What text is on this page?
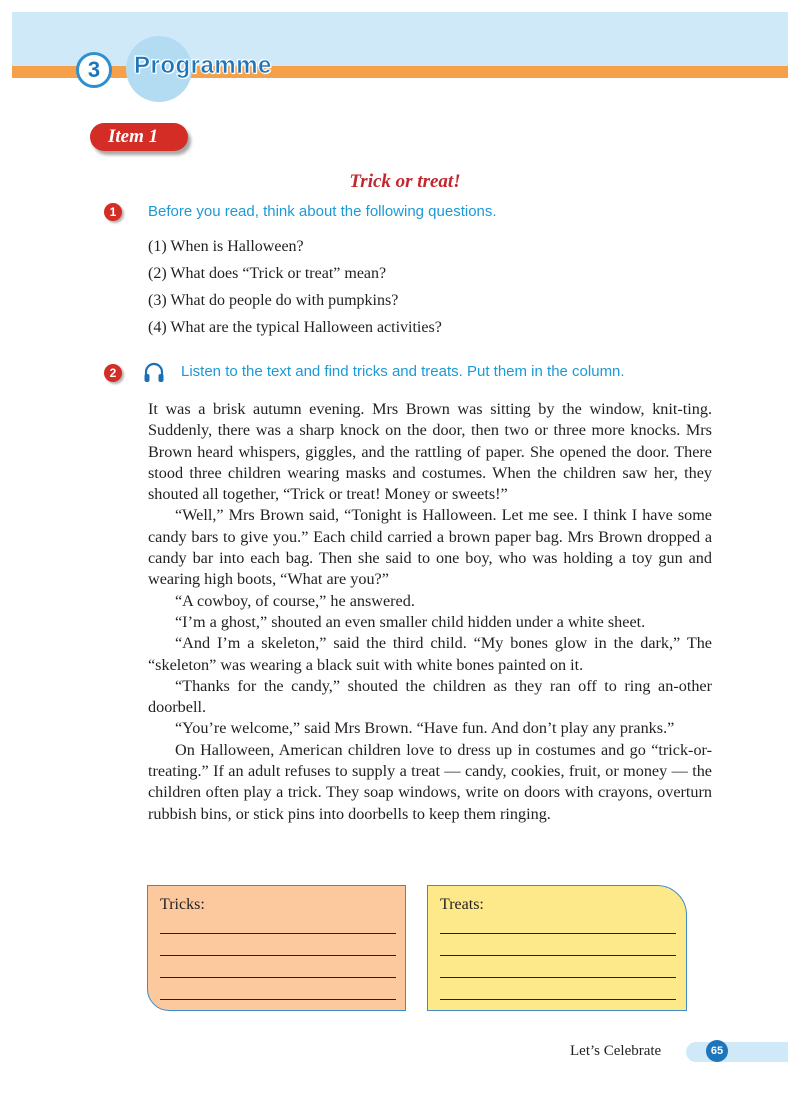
3	Programme
Item 1
Trick or treat!
1	Before you read, think about the following questions.
(1) When is Halloween?
(2) What does “Trick or treat” mean?
(3) What do people do with pumpkins?
(4) What are the typical Halloween activities?
2	Listen to the text and find tricks and treats. Put them in the column.

It was a brisk autumn evening. Mrs Brown was sitting by the window, knit-ting. Suddenly, there was a sharp knock on the door, then two or three more knocks. Mrs Brown heard whispers, giggles, and the rattling of paper. She opened the door. There stood three children wearing masks and costumes. When the children saw her, they shouted all together, “Trick or treat! Money or sweets!”

“Well,” Mrs Brown said, “Tonight is Halloween. Let me see. I think I have some candy bars to give you.” Each child carried a brown paper bag. Mrs Brown dropped a candy bar into each bag. Then she said to one boy, who was holding a toy gun and wearing high boots, “What are you?”

“A cowboy, of course,” he answered.

“I’m a ghost,” shouted an even smaller child hidden under a white sheet.

“And I’m a skeleton,” said the third child. “My bones glow in the dark,” The “skeleton” was wearing a black suit with white bones painted on it.

“Thanks for the candy,” shouted the children as they ran off to ring an-other doorbell.

“You’re welcome,” said Mrs Brown. “Have fun. And don’t play any pranks.”

On Halloween, American children love to dress up in costumes and go “trick-or-treating.” If an adult refuses to supply a treat — candy, cookies, fruit, or money — the children often play a trick. They soap windows, write on doors with crayons, overturn rubbish bins, or stick pins into doorbells to keep them ringing.

Tricks:	Treats:
Let’s Celebrate	65
